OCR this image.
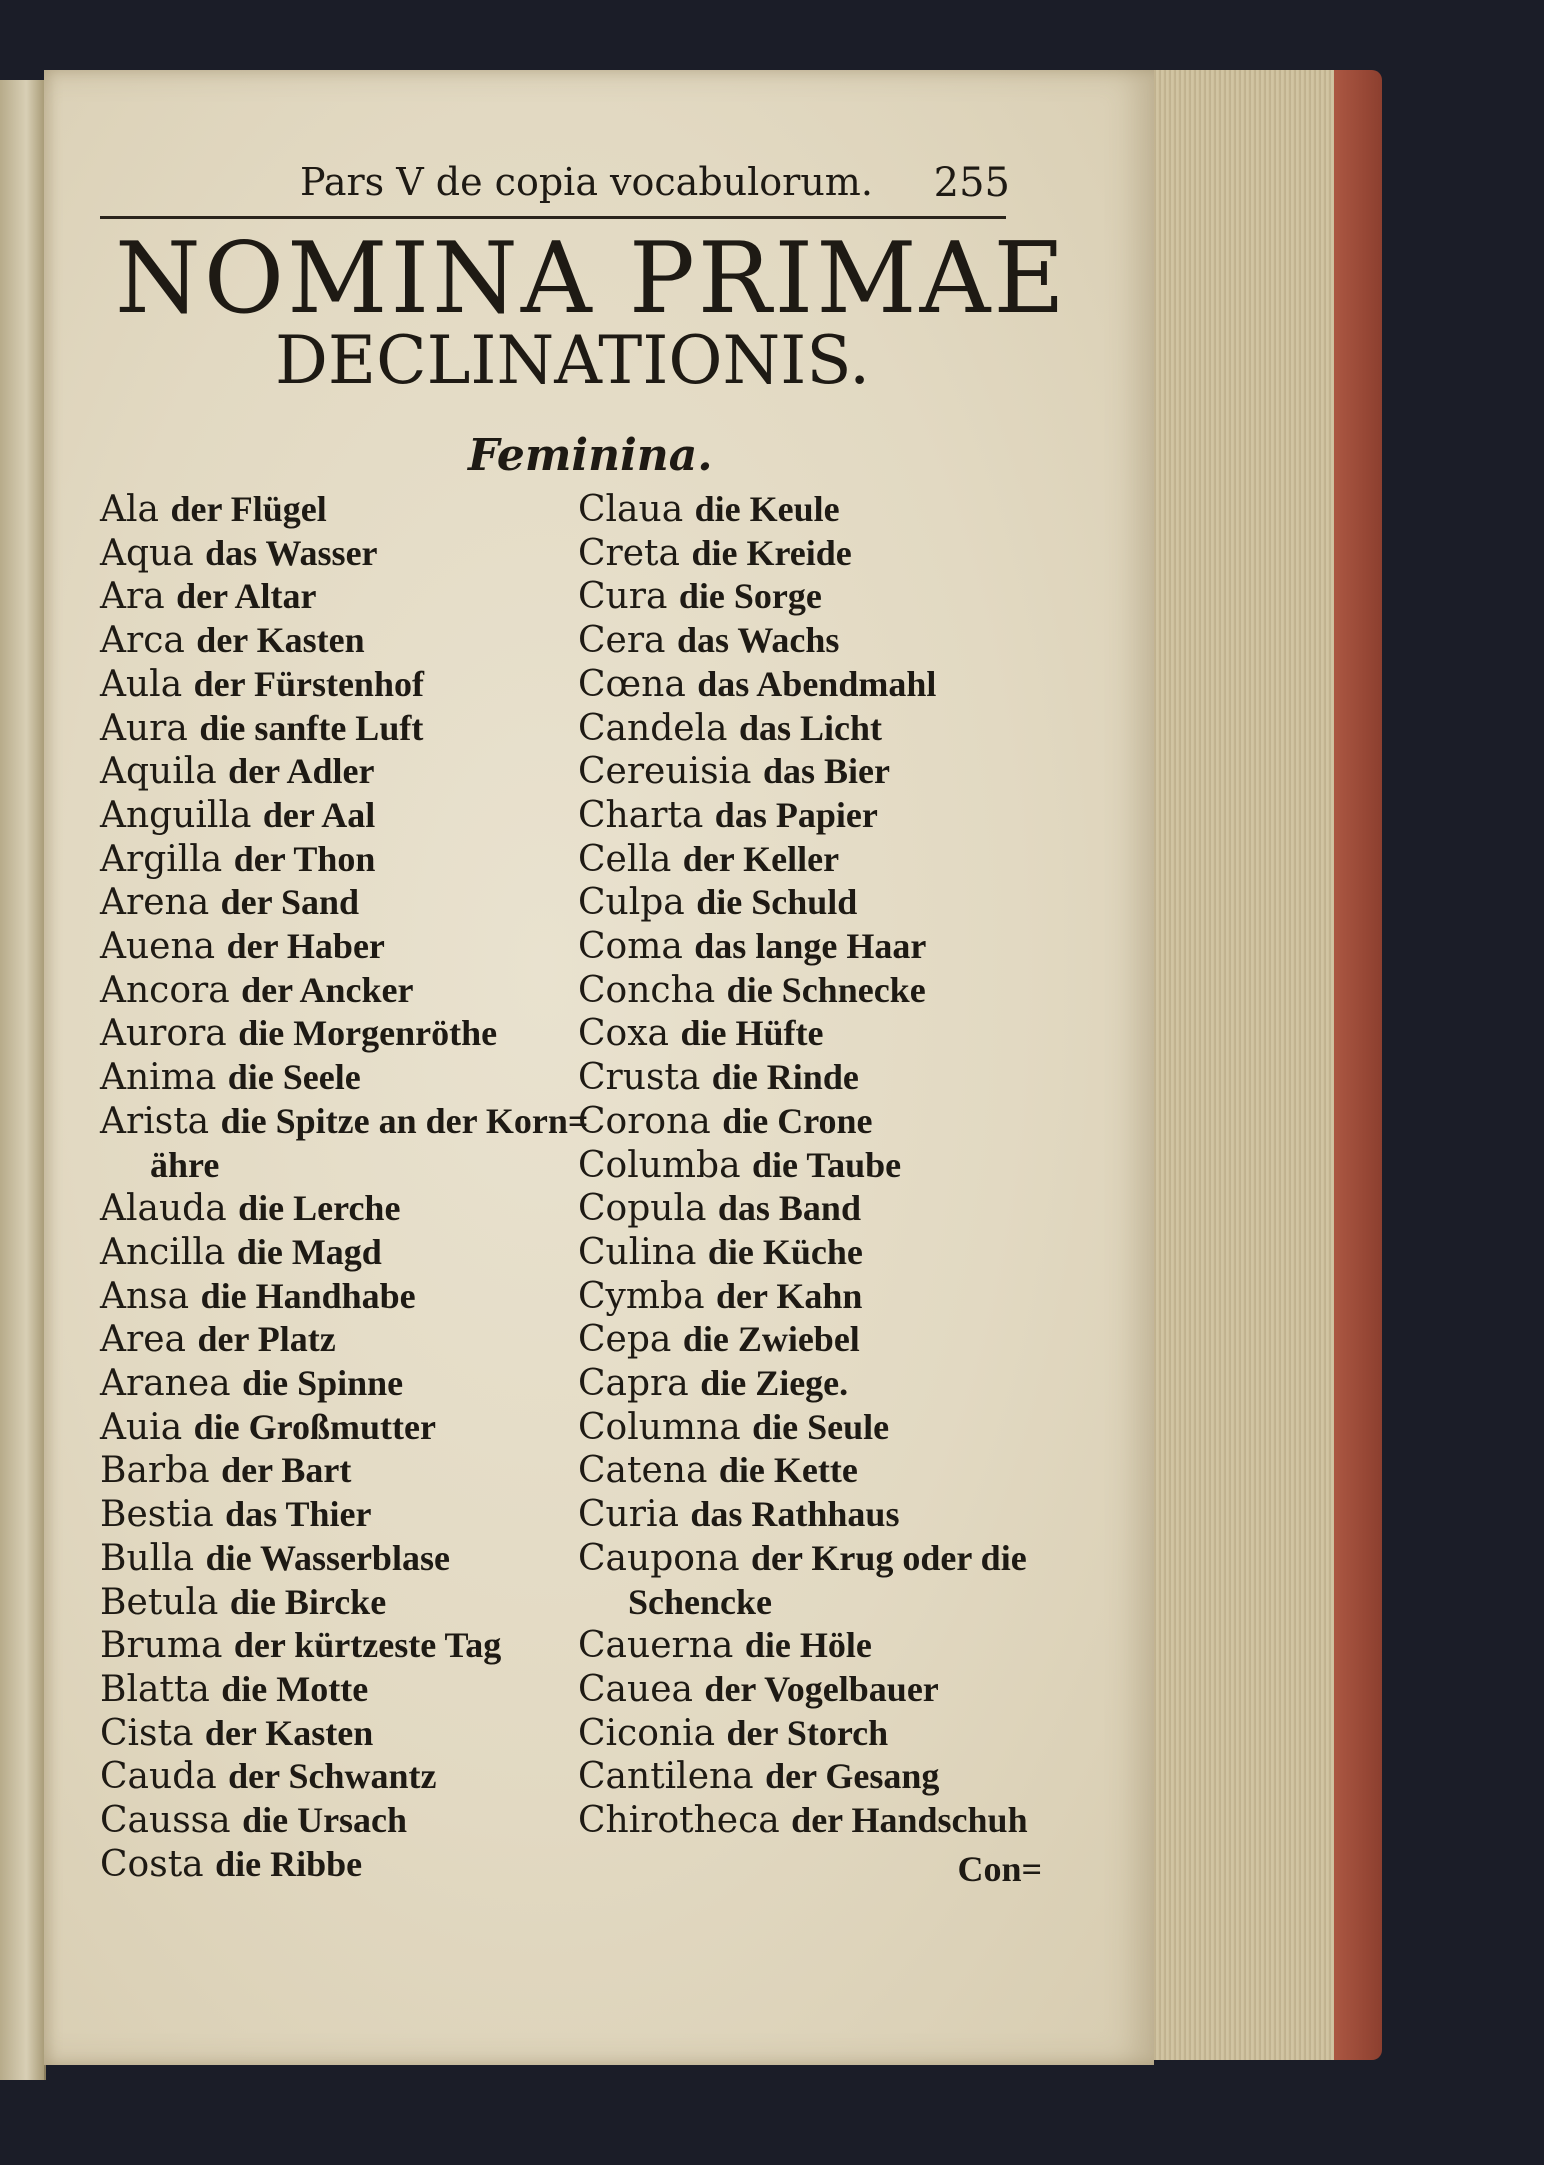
Pars V de copia vocabulorum. 255
NOMINA PRIMAE
DECLINATIONIS.
Feminina.
Ala der Flügel
Aqua das Wasser
Ara der Altar
Arca der Kasten
Aula der Fürstenhof
Aura die sanfte Luft
Aquila der Adler
Anguilla der Aal
Argilla der Thon
Arena der Sand
Auena der Haber
Ancora der Ancker
Aurora die Morgenröthe
Anima die Seele
Arista die Spitze an der Korn=
ähre
Alauda die Lerche
Ancilla die Magd
Ansa die Handhabe
Area der Platz
Aranea die Spinne
Auia die Großmutter
Barba der Bart
Bestia das Thier
Bulla die Wasserblase
Betula die Bircke
Bruma der kürtzeste Tag
Blatta die Motte
Cista der Kasten
Cauda der Schwantz
Caussa die Ursach
Costa die Ribbe
Claua die Keule
Creta die Kreide
Cura die Sorge
Cera das Wachs
Cœna das Abendmahl
Candela das Licht
Cereuisia das Bier
Charta das Papier
Cella der Keller
Culpa die Schuld
Coma das lange Haar
Concha die Schnecke
Coxa die Hüfte
Crusta die Rinde
Corona die Crone
Columba die Taube
Copula das Band
Culina die Küche
Cymba der Kahn
Cepa die Zwiebel
Capra die Ziege.
Columna die Seule
Catena die Kette
Curia das Rathhaus
Caupona der Krug oder die
Schencke
Cauerna die Höle
Cauea der Vogelbauer
Ciconia der Storch
Cantilena der Gesang
Chirotheca der Handschuh
Con=
